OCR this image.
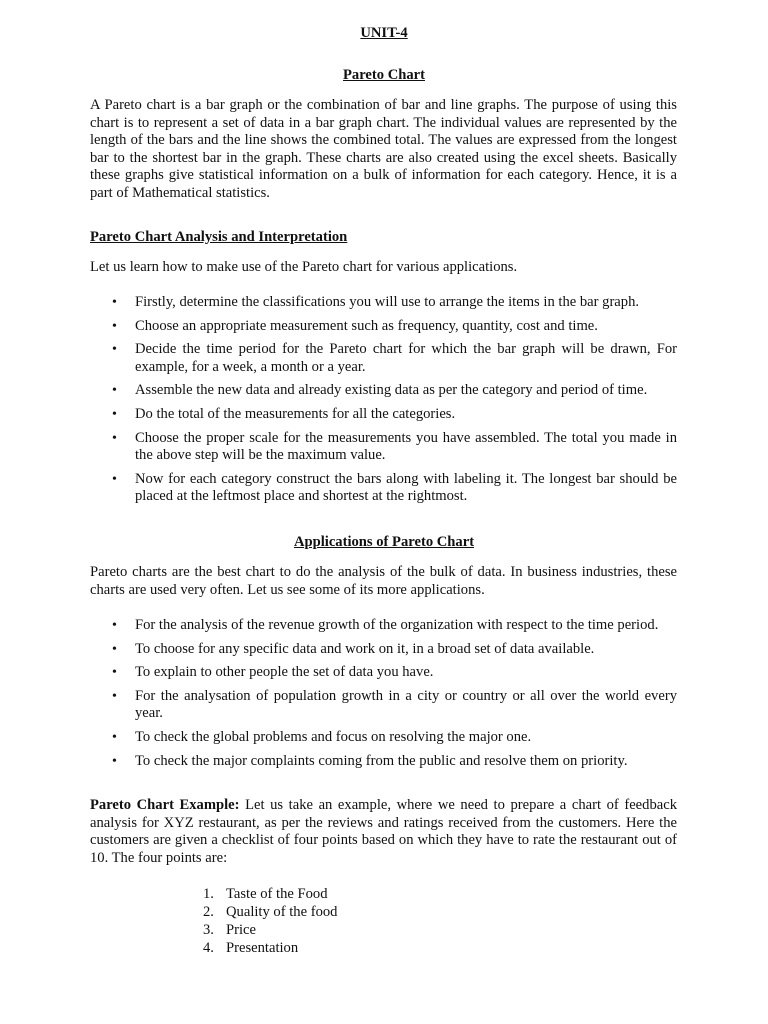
UNIT-4
Pareto Chart

A Pareto chart is a bar graph or the combination of bar and line graphs. The purpose of using this chart is to represent a set of data in a bar graph chart. The individual values are represented by the length of the bars and the line shows the combined total. The values are expressed from the longest bar to the shortest bar in the graph. These charts are also created using the excel sheets. Basically these graphs give statistical information on a bulk of information for each category. Hence, it is a part of Mathematical statistics.

Pareto Chart Analysis and Interpretation

Let us learn how to make use of the Pareto chart for various applications.

• Firstly, determine the classifications you will use to arrange the items in the bar graph.
• Choose an appropriate measurement such as frequency, quantity, cost and time.
• Decide the time period for the Pareto chart for which the bar graph will be drawn, For example, for a week, a month or a year.
• Assemble the new data and already existing data as per the category and period of time.
• Do the total of the measurements for all the categories.
• Choose the proper scale for the measurements you have assembled. The total you made in the above step will be the maximum value.
• Now for each category construct the bars along with labeling it. The longest bar should be placed at the leftmost place and shortest at the rightmost.
Applications of Pareto Chart

Pareto charts are the best chart to do the analysis of the bulk of data. In business industries, these charts are used very often. Let us see some of its more applications.

• For the analysis of the revenue growth of the organization with respect to the time period.
• To choose for any specific data and work on it, in a broad set of data available.
• To explain to other people the set of data you have.
• For the analysation of population growth in a city or country or all over the world every year.
• To check the global problems and focus on resolving the major one.
• To check the major complaints coming from the public and resolve them on priority.

Pareto Chart Example: Let us take an example, where we need to prepare a chart of feedback analysis for XYZ restaurant, as per the reviews and ratings received from the customers. Here the customers are given a checklist of four points based on which they have to rate the restaurant out of 10. The four points are:

1. Taste of the Food
2. Quality of the food
3. Price
4. Presentation
